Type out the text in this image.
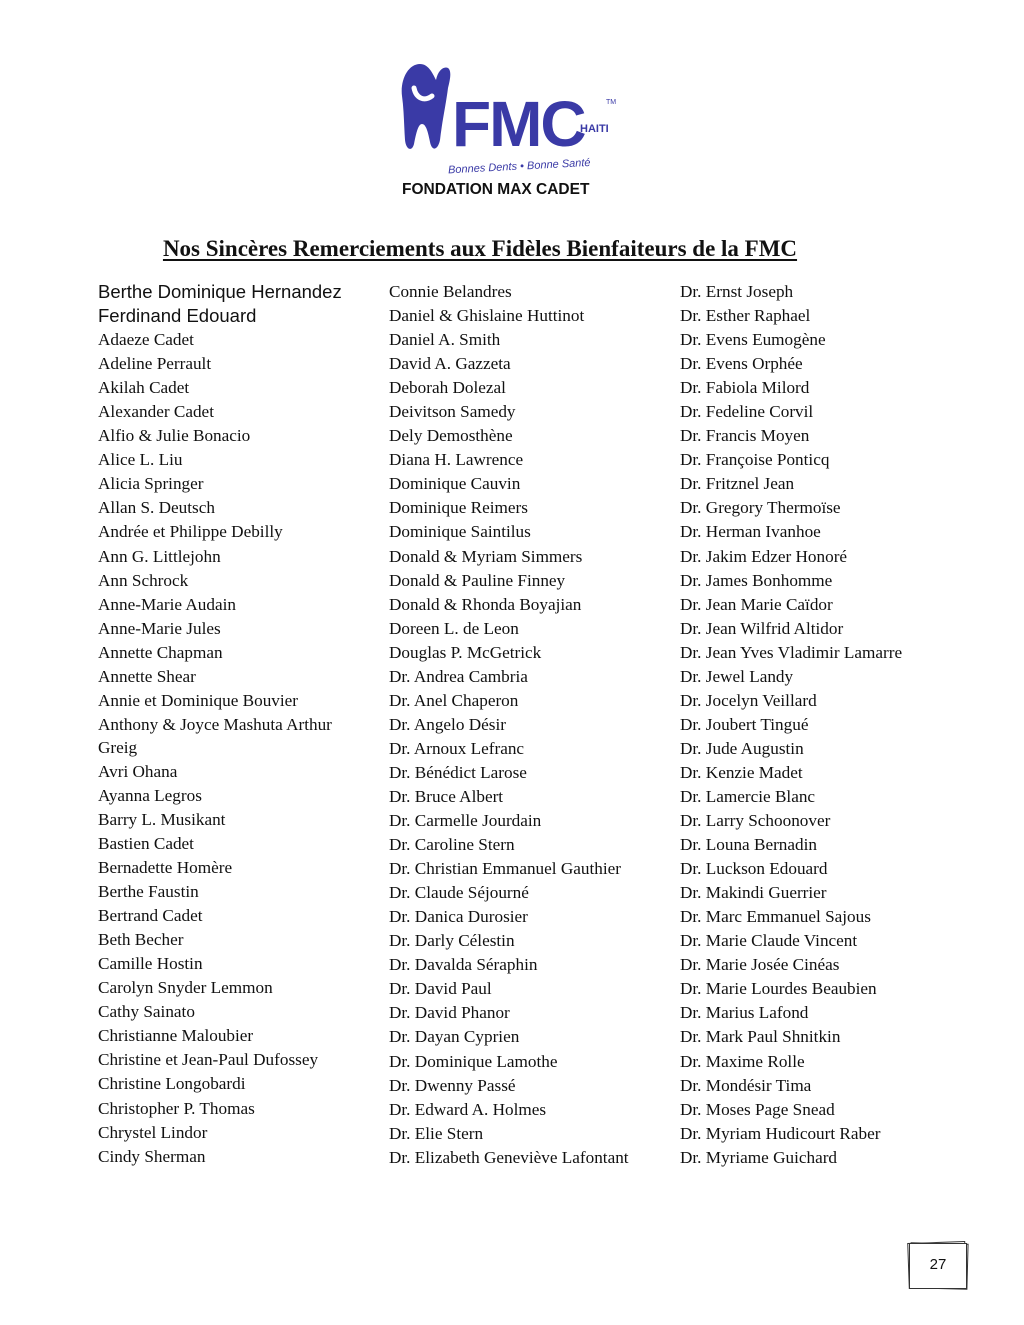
FMC
HAITI
TM
Bonnes Dents • Bonne Santé
FONDATION MAX CADET
Nos Sincères Remerciements aux Fidèles Bienfaiteurs de la FMC
Berthe Dominique Hernandez
Ferdinand Edouard
Adaeze Cadet
Adeline Perrault
Akilah Cadet
Alexander Cadet
Alfio & Julie Bonacio
Alice L. Liu
Alicia Springer
Allan S. Deutsch
Andrée et Philippe Debilly
Ann G. Littlejohn
Ann Schrock
Anne-Marie Audain
Anne-Marie Jules
Annette Chapman
Annette Shear
Annie et Dominique Bouvier
Anthony & Joyce Mashuta Arthur Greig
Avri Ohana
Ayanna Legros
Barry L. Musikant
Bastien Cadet
Bernadette Homère
Berthe Faustin
Bertrand Cadet
Beth Becher
Camille Hostin
Carolyn Snyder Lemmon
Cathy Sainato
Christianne Maloubier
Christine et Jean-Paul Dufossey
Christine Longobardi
Christopher P. Thomas
Chrystel Lindor
Cindy Sherman
Connie Belandres
Daniel & Ghislaine Huttinot
Daniel A. Smith
David A. Gazzeta
Deborah Dolezal
Deivitson Samedy
Dely Demosthène
Diana H. Lawrence
Dominique Cauvin
Dominique Reimers
Dominique Saintilus
Donald & Myriam Simmers
Donald & Pauline Finney
Donald & Rhonda Boyajian
Doreen L. de Leon
Douglas P. McGetrick
Dr. Andrea Cambria
Dr. Anel Chaperon
Dr. Angelo Désir
Dr. Arnoux Lefranc
Dr. Bénédict Larose
Dr. Bruce Albert
Dr. Carmelle Jourdain
Dr. Caroline Stern
Dr. Christian Emmanuel Gauthier
Dr. Claude Séjourné
Dr. Danica Durosier
Dr. Darly Célestin
Dr. Davalda Séraphin
Dr. David Paul
Dr. David Phanor
Dr. Dayan Cyprien
Dr. Dominique Lamothe
Dr. Dwenny Passé
Dr. Edward A. Holmes
Dr. Elie Stern
Dr. Elizabeth Geneviève Lafontant
Dr. Ernst Joseph
Dr. Esther Raphael
Dr. Evens Eumogène
Dr. Evens Orphée
Dr. Fabiola Milord
Dr. Fedeline Corvil
Dr. Francis Moyen
Dr. Françoise Ponticq
Dr. Fritznel Jean
Dr. Gregory Thermoïse
Dr. Herman Ivanhoe
Dr. Jakim Edzer Honoré
Dr. James Bonhomme
Dr. Jean Marie Caïdor
Dr. Jean Wilfrid Altidor
Dr. Jean Yves Vladimir Lamarre
Dr. Jewel Landy
Dr. Jocelyn Veillard
Dr. Joubert Tingué
Dr. Jude Augustin
Dr. Kenzie Madet
Dr. Lamercie Blanc
Dr. Larry Schoonover
Dr. Louna Bernadin
Dr. Luckson Edouard
Dr. Makindi Guerrier
Dr. Marc Emmanuel Sajous
Dr. Marie Claude Vincent
Dr. Marie Josée Cinéas
Dr. Marie Lourdes Beaubien
Dr. Marius Lafond
Dr. Mark Paul Shnitkin
Dr. Maxime Rolle
Dr. Mondésir Tima
Dr. Moses Page Snead
Dr. Myriam Hudicourt Raber
Dr. Myriame Guichard
27
